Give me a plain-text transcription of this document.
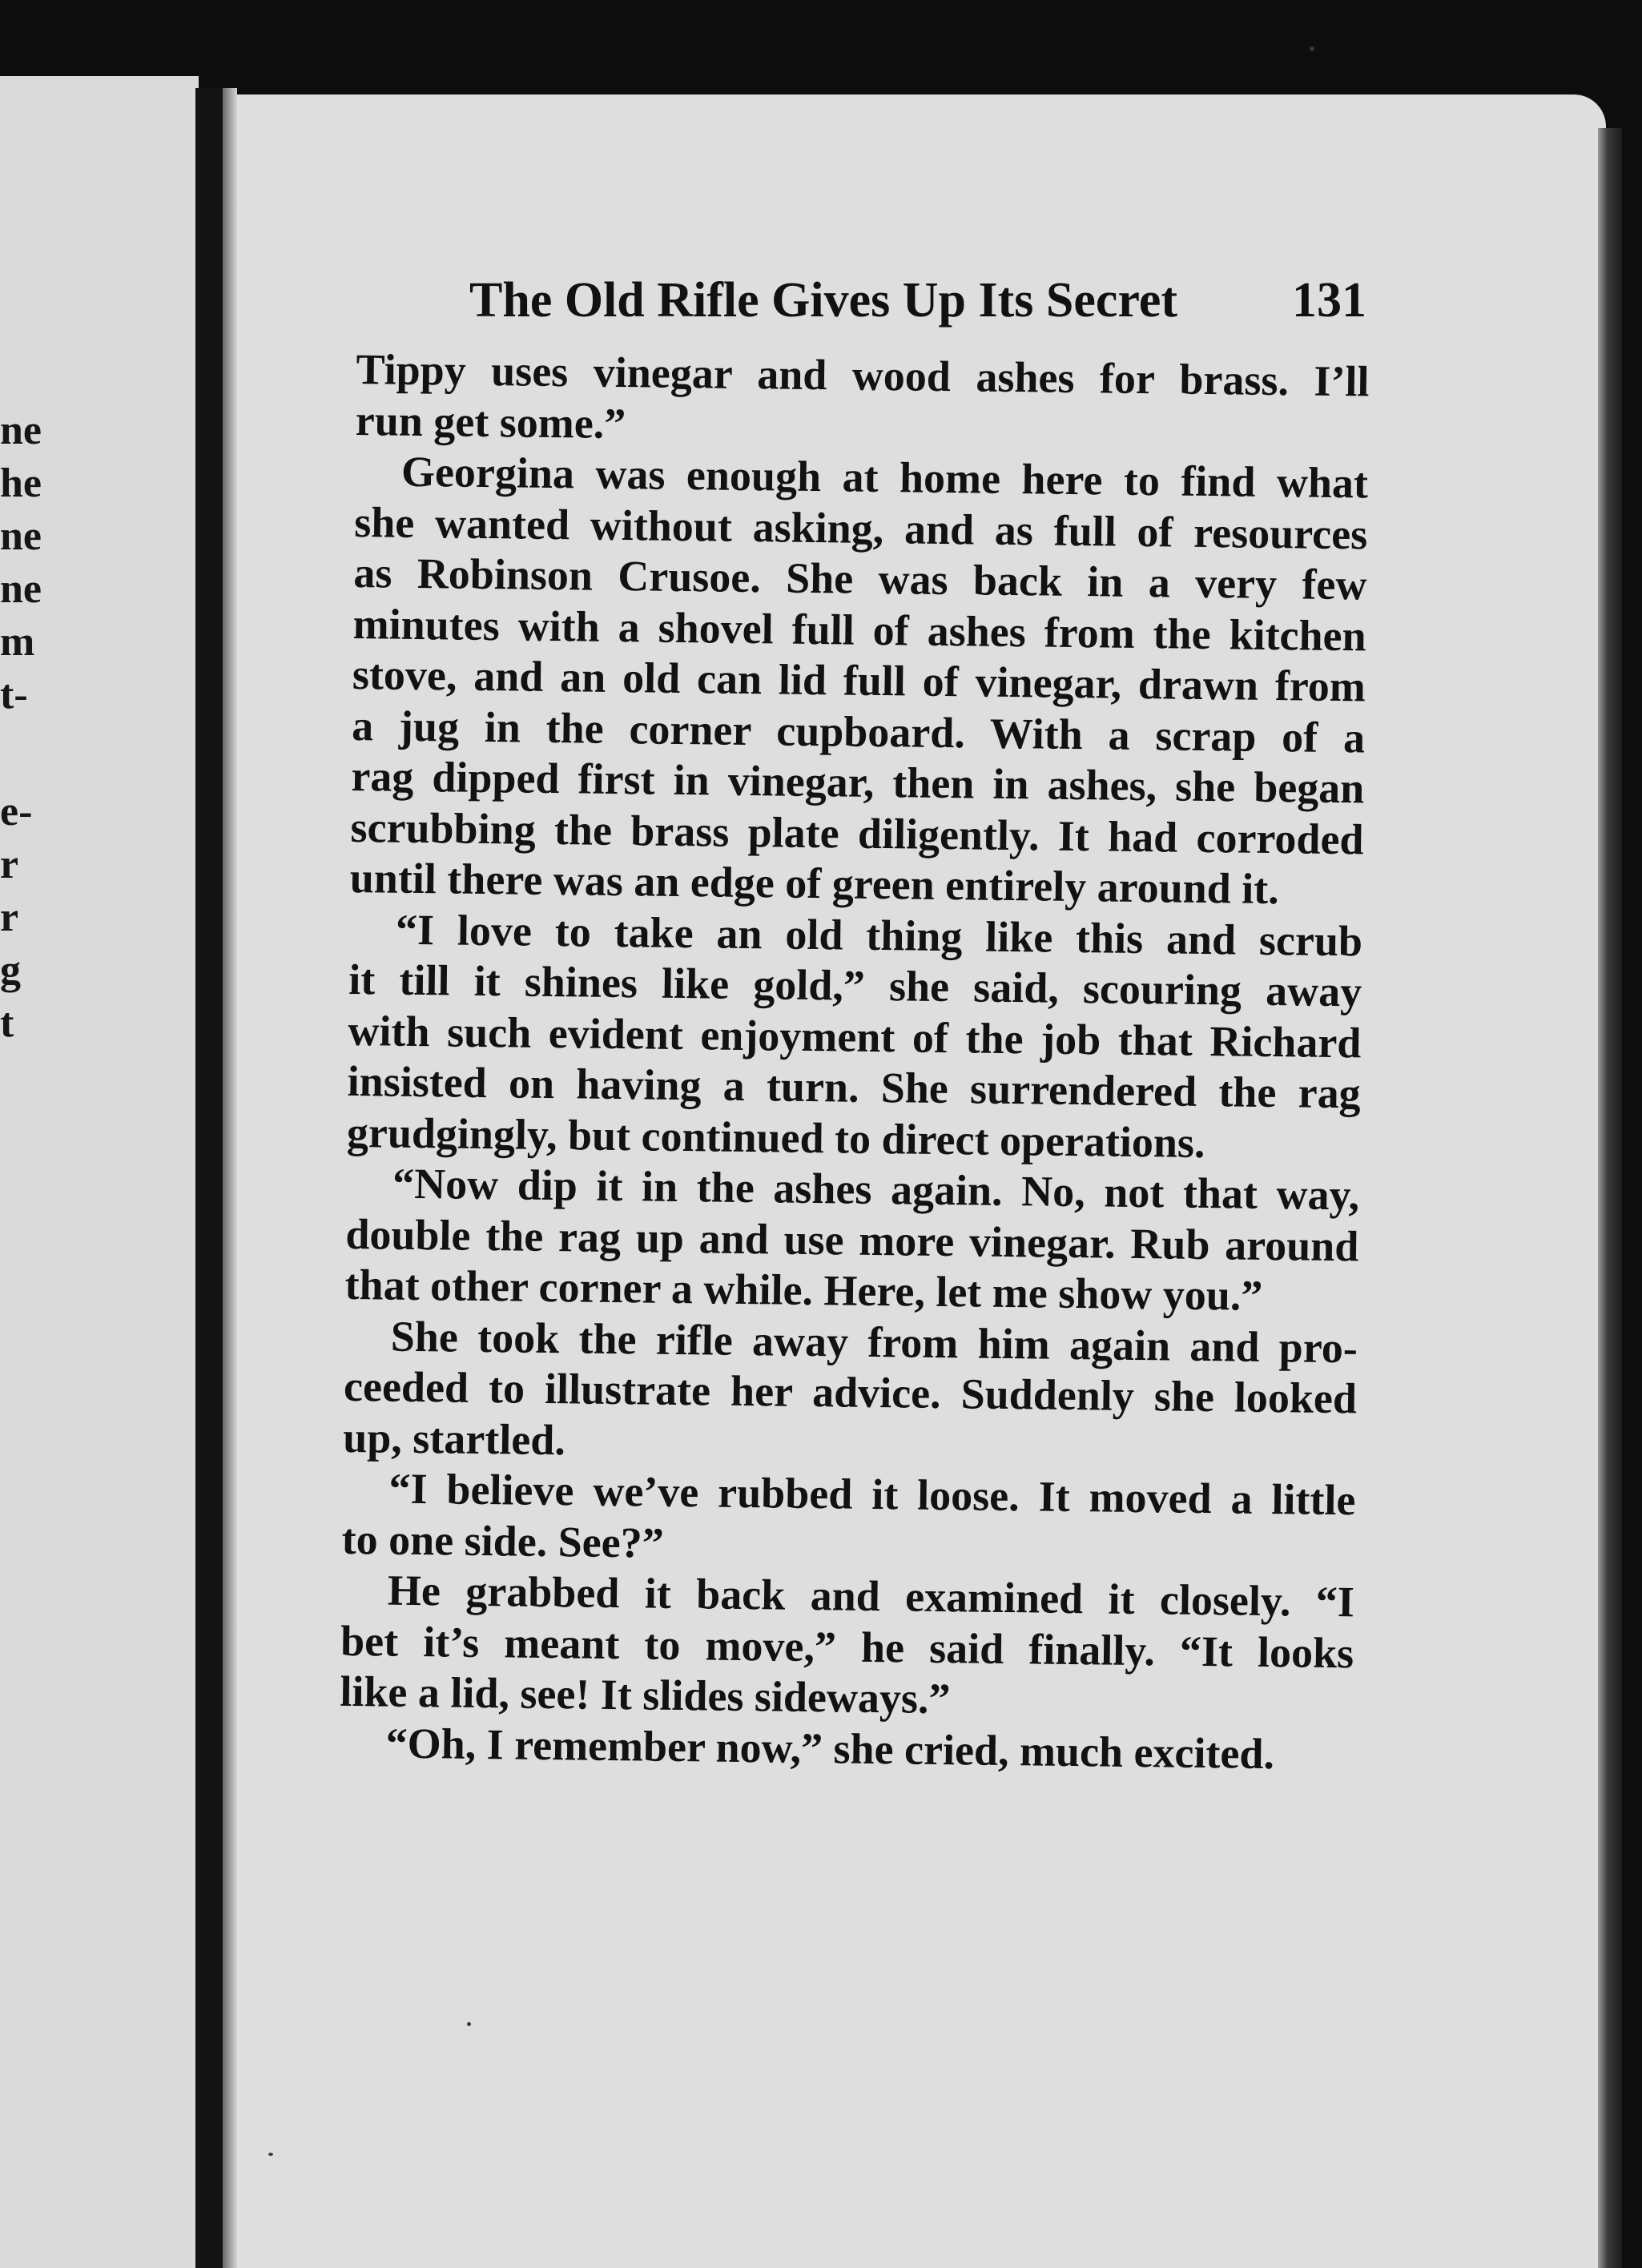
ne
he
ne
ne
m
t-
e-
r
r
g
t
The Old Rifle Gives Up Its Secret 131
Tippy uses vinegar and wood ashes for brass. I’ll
run get some.”
Georgina was enough at home here to find what
she wanted without asking, and as full of resources
as Robinson Crusoe. She was back in a very few
minutes with a shovel full of ashes from the kitchen
stove, and an old can lid full of vinegar, drawn from
a jug in the corner cupboard. With a scrap of a
rag dipped first in vinegar, then in ashes, she began
scrubbing the brass plate diligently. It had corroded
until there was an edge of green entirely around it.
“I love to take an old thing like this and scrub
it till it shines like gold,” she said, scouring away
with such evident enjoyment of the job that Richard
insisted on having a turn. She surrendered the rag
grudgingly, but continued to direct operations.
“Now dip it in the ashes again. No, not that way,
double the rag up and use more vinegar. Rub around
that other corner a while. Here, let me show you.”
She took the rifle away from him again and pro-
ceeded to illustrate her advice. Suddenly she looked
up, startled.
“I believe we’ve rubbed it loose. It moved a little
to one side. See?”
He grabbed it back and examined it closely. “I
bet it’s meant to move,” he said finally. “It looks
like a lid, see! It slides sideways.”
“Oh, I remember now,” she cried, much excited.
